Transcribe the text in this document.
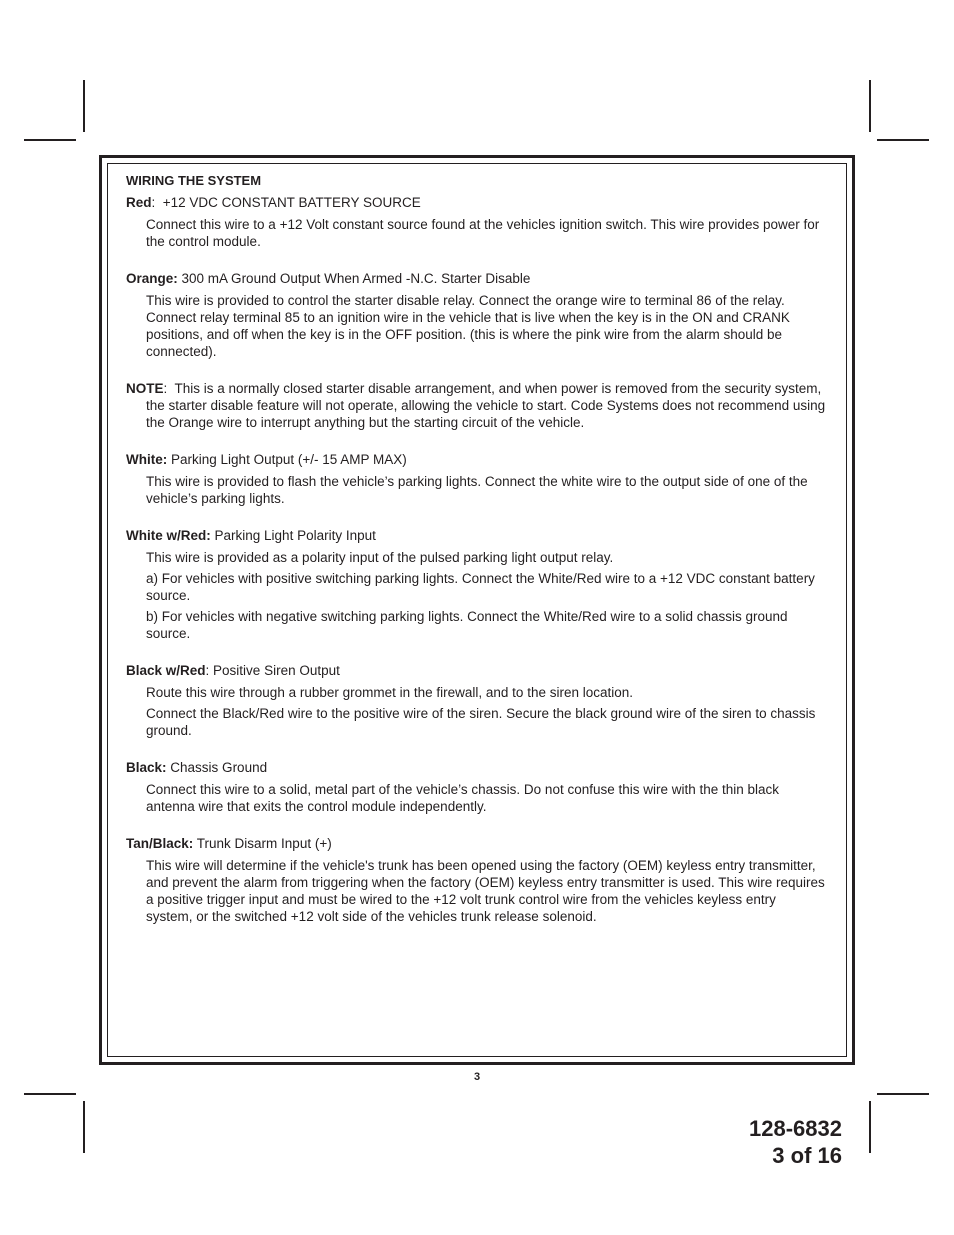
WIRING THE SYSTEM
Red:  +12 VDC CONSTANT BATTERY SOURCE
Connect this wire to a +12 Volt constant source found at the vehicles ignition switch. This wire provides power for the control module.
Orange: 300 mA Ground Output When Armed -N.C. Starter Disable
This wire is provided to control the starter disable relay. Connect the orange wire to terminal 86 of the relay. Connect relay terminal 85 to an ignition wire in the vehicle that is live when the key is in the ON and CRANK positions, and off when the key is in the OFF position. (this is where the pink wire from the alarm should be connected).
NOTE:  This is a normally closed starter disable arrangement, and when power is removed from the security system, the starter disable feature will not operate, allowing the vehicle to start. Code Systems does not recommend using the Orange wire to interrupt anything but the starting circuit of the vehicle.
White: Parking Light Output (+/- 15 AMP MAX)
This wire is provided to flash the vehicle’s parking lights. Connect the white wire to the output side of one of the vehicle’s parking lights.
White w/Red: Parking Light Polarity Input
This wire is provided as a polarity input of the pulsed parking light output relay.
a) For vehicles with positive switching parking lights. Connect the White/Red wire to a +12 VDC constant battery source.
b) For vehicles with negative switching parking lights. Connect the White/Red wire to a solid chassis ground source.
Black w/Red: Positive Siren Output
Route this wire through a rubber grommet in the firewall, and to the siren location.
Connect the Black/Red wire to the positive wire of the siren. Secure the black ground wire of the siren to chassis ground.
Black: Chassis Ground
Connect this wire to a solid, metal part of the vehicle’s chassis. Do not confuse this wire with the thin black antenna wire that exits the control module independently.
Tan/Black: Trunk Disarm Input (+)
This wire will determine if the vehicle's trunk has been opened using the factory (OEM) keyless entry transmitter, and prevent the alarm from triggering when the factory (OEM) keyless entry transmitter is used. This wire requires a positive trigger input and must be wired to the +12 volt trunk control wire from the vehicles keyless entry system, or the switched +12 volt side of the vehicles trunk release solenoid.
3
128-6832
3 of 16
